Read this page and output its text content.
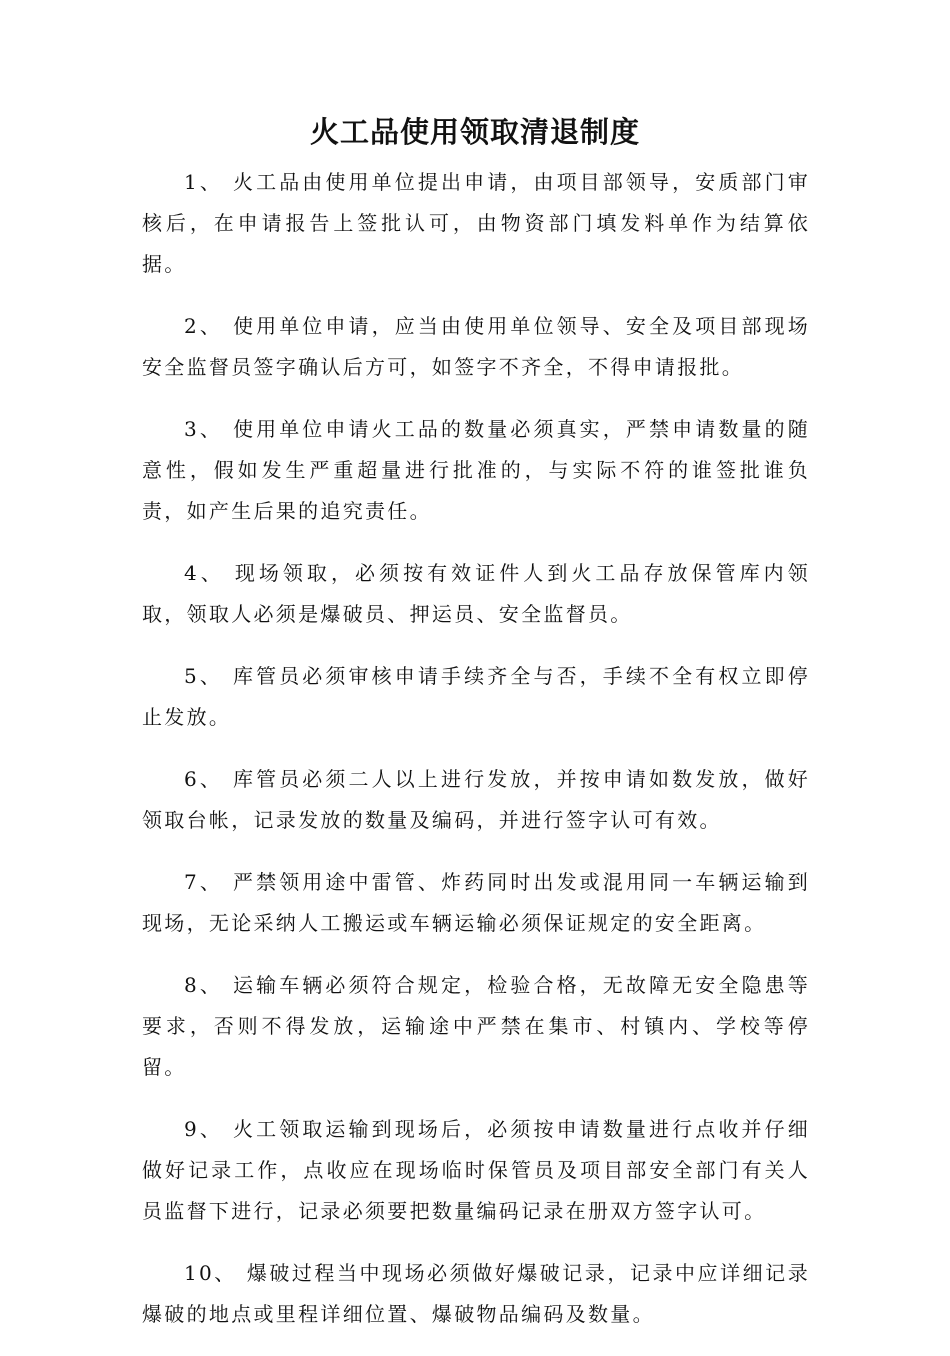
火工品使用领取清退制度

1、 火工品由使用单位提出申请，由项目部领导，安质部门审核后，在申请报告上签批认可，由物资部门填发料单作为结算依据。

2、 使用单位申请，应当由使用单位领导、安全及项目部现场安全监督员签字确认后方可，如签字不齐全，不得申请报批。

3、 使用单位申请火工品的数量必须真实，严禁申请数量的随意性，假如发生严重超量进行批准的，与实际不符的谁签批谁负责，如产生后果的追究责任。

4、 现场领取，必须按有效证件人到火工品存放保管库内领取，领取人必须是爆破员、押运员、安全监督员。

5、 库管员必须审核申请手续齐全与否，手续不全有权立即停止发放。

6、 库管员必须二人以上进行发放，并按申请如数发放，做好领取台帐，记录发放的数量及编码，并进行签字认可有效。

7、 严禁领用途中雷管、炸药同时出发或混用同一车辆运输到现场，无论采纳人工搬运或车辆运输必须保证规定的安全距离。

8、 运输车辆必须符合规定，检验合格，无故障无安全隐患等要求，否则不得发放，运输途中严禁在集市、村镇内、学校等停留。

9、 火工领取运输到现场后，必须按申请数量进行点收并仔细做好记录工作，点收应在现场临时保管员及项目部安全部门有关人员监督下进行，记录必须要把数量编码记录在册双方签字认可。

10、 爆破过程当中现场必须做好爆破记录，记录中应详细记录爆破的地点或里程详细位置、爆破物品编码及数量。
